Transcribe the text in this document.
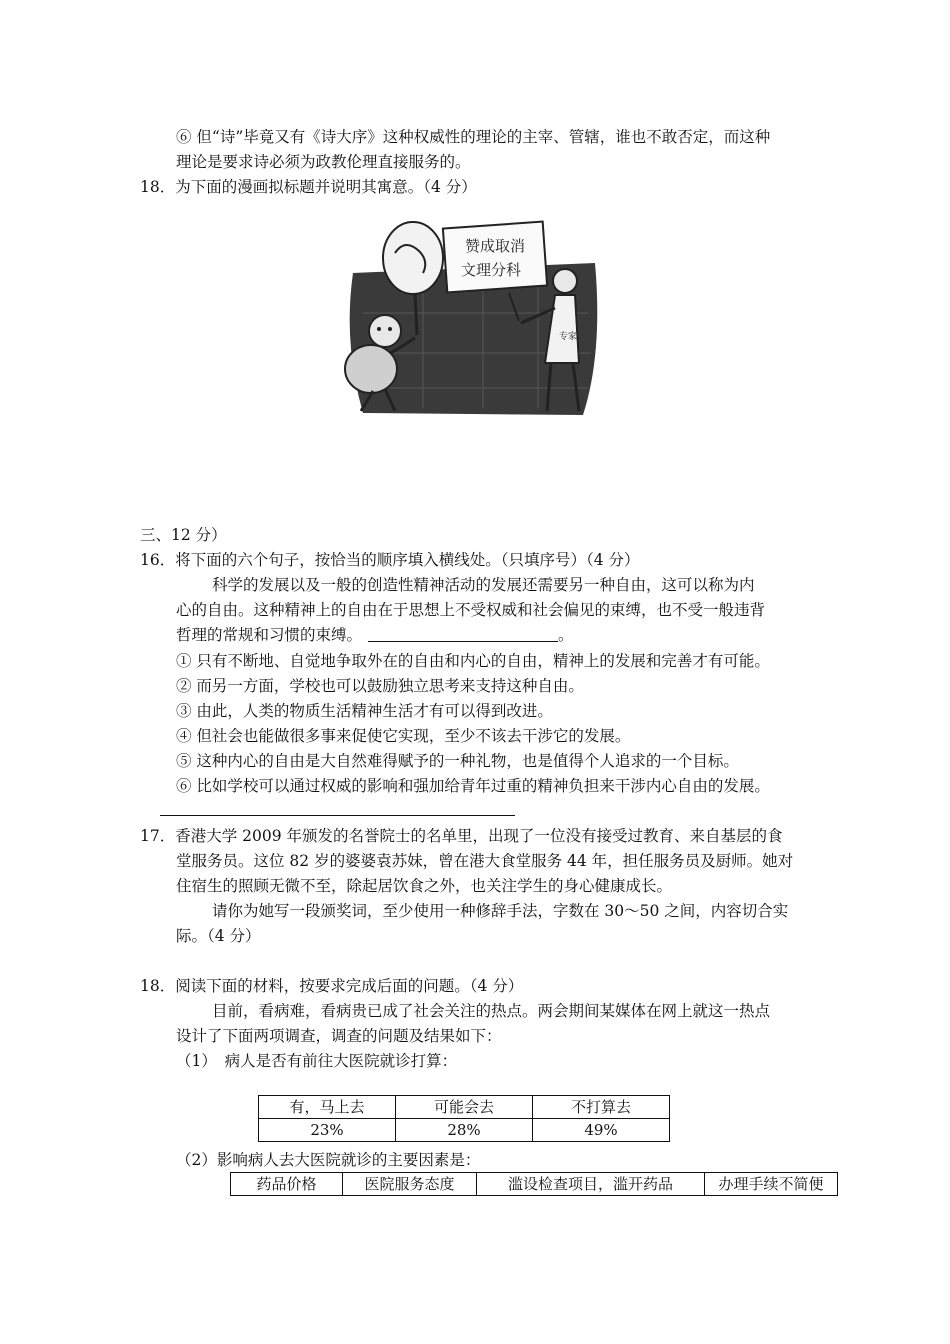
⑥ 但“诗”毕竟又有《诗大序》这种权威性的理论的主宰、管辖，谁也不敢否定，而这种
理论是要求诗必须为政教伦理直接服务的。
18．为下面的漫画拟标题并说明其寓意。（4 分）
赞成取消
文理分科
专家
三、12 分）
16．将下面的六个句子，按恰当的顺序填入横线处。（只填序号）（4 分）
科学的发展以及一般的创造性精神活动的发展还需要另一种自由，这可以称为内
心的自由。这种精神上的自由在于思想上不受权威和社会偏见的束缚，也不受一般违背
哲理的常规和习惯的束缚。	。
① 只有不断地、自觉地争取外在的自由和内心的自由，精神上的发展和完善才有可能。
② 而另一方面，学校也可以鼓励独立思考来支持这种自由。
③ 由此，人类的物质生活精神生活才有可以得到改进。
④ 但社会也能做很多事来促使它实现，至少不该去干涉它的发展。
⑤ 这种内心的自由是大自然难得赋予的一种礼物，也是值得个人追求的一个目标。
⑥ 比如学校可以通过权威的影响和强加给青年过重的精神负担来干涉内心自由的发展。
17．香港大学 2009 年颁发的名誉院士的名单里，出现了一位没有接受过教育、来自基层的食
堂服务员。这位 82 岁的婆婆袁苏妹，曾在港大食堂服务 44 年，担任服务员及厨师。她对
住宿生的照顾无微不至，除起居饮食之外，也关注学生的身心健康成长。
请你为她写一段颁奖词，至少使用一种修辞手法，字数在 30～50 之间，内容切合实
际。（4 分）
18．阅读下面的材料，按要求完成后面的问题。（4 分）
目前，看病难，看病贵已成了社会关注的热点。两会期间某媒体在网上就这一热点
设计了下面两项调查，调查的问题及结果如下：
（1）　病人是否有前往大医院就诊打算：
有，马上去	可能会去	不打算去
23%	28%	49%
（2）影响病人去大医院就诊的主要因素是：
药品价格	医院服务态度	滥设检查项目，滥开药品	办理手续不简便
